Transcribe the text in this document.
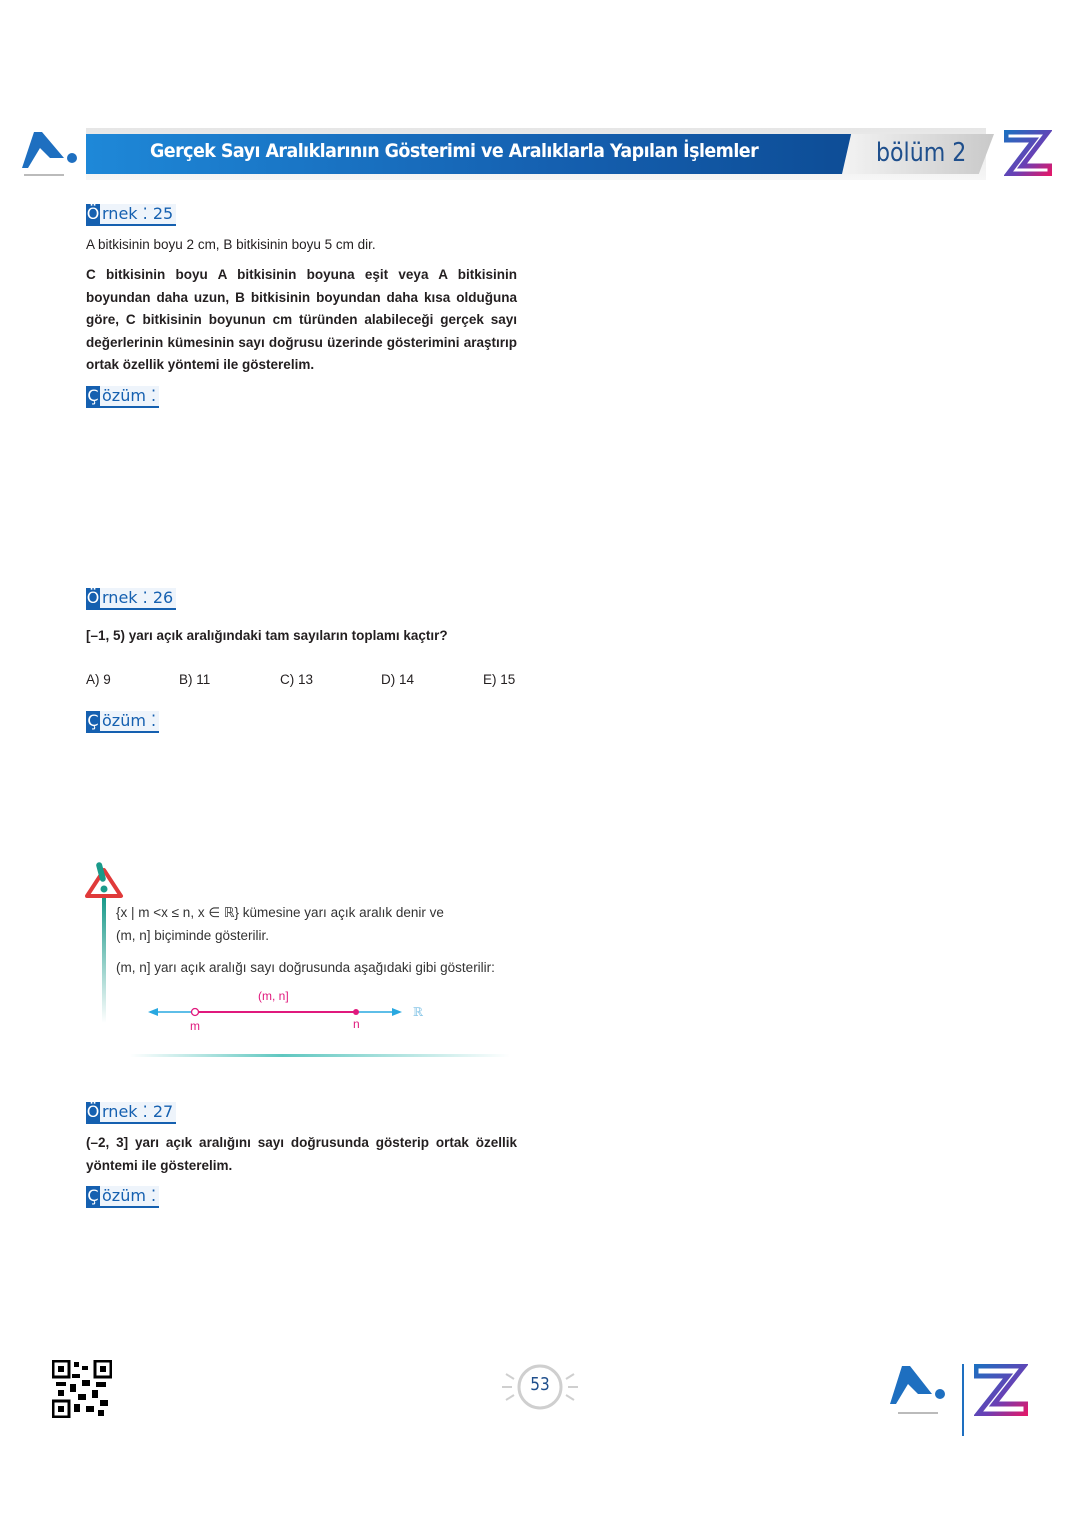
Gerçek Sayı Aralıklarının Gösterimi ve Aralıklarla Yapılan İşlemler	bölüm 2
Ö rnek ⁚ 25
A bitkisinin boyu 2 cm, B bitkisinin boyu 5 cm dir.
C bitkisinin boyu A bitkisinin boyuna eşit veya A bitkisinin boyundan daha uzun, B bitkisinin boyundan daha kısa olduğuna göre, C bitkisinin boyunun cm türünden alabileceği gerçek sayı değerlerinin kümesinin sayı doğrusu üzerinde gösterimini araştırıp ortak özellik yöntemi ile gösterelim.
Ç özüm ⁚
Ö rnek ⁚ 26
[–1, 5) yarı açık aralığındaki tam sayıların toplamı kaçtır?
A) 9	B) 11	C) 13	D) 14	E) 15
Ç özüm ⁚
{x | m <x ≤ n, x ∈ ℝ} kümesine yarı açık aralık denir ve
(m, n] biçiminde gösterilir.
(m, n] yarı açık aralığı sayı doğrusunda aşağıdaki gibi gösterilir:
(m, n]
m	n
ℝ
Ö rnek ⁚ 27
(–2, 3] yarı açık aralığını sayı doğrusunda gösterip ortak özellik yöntemi ile gösterelim.
Ç özüm ⁚
53
